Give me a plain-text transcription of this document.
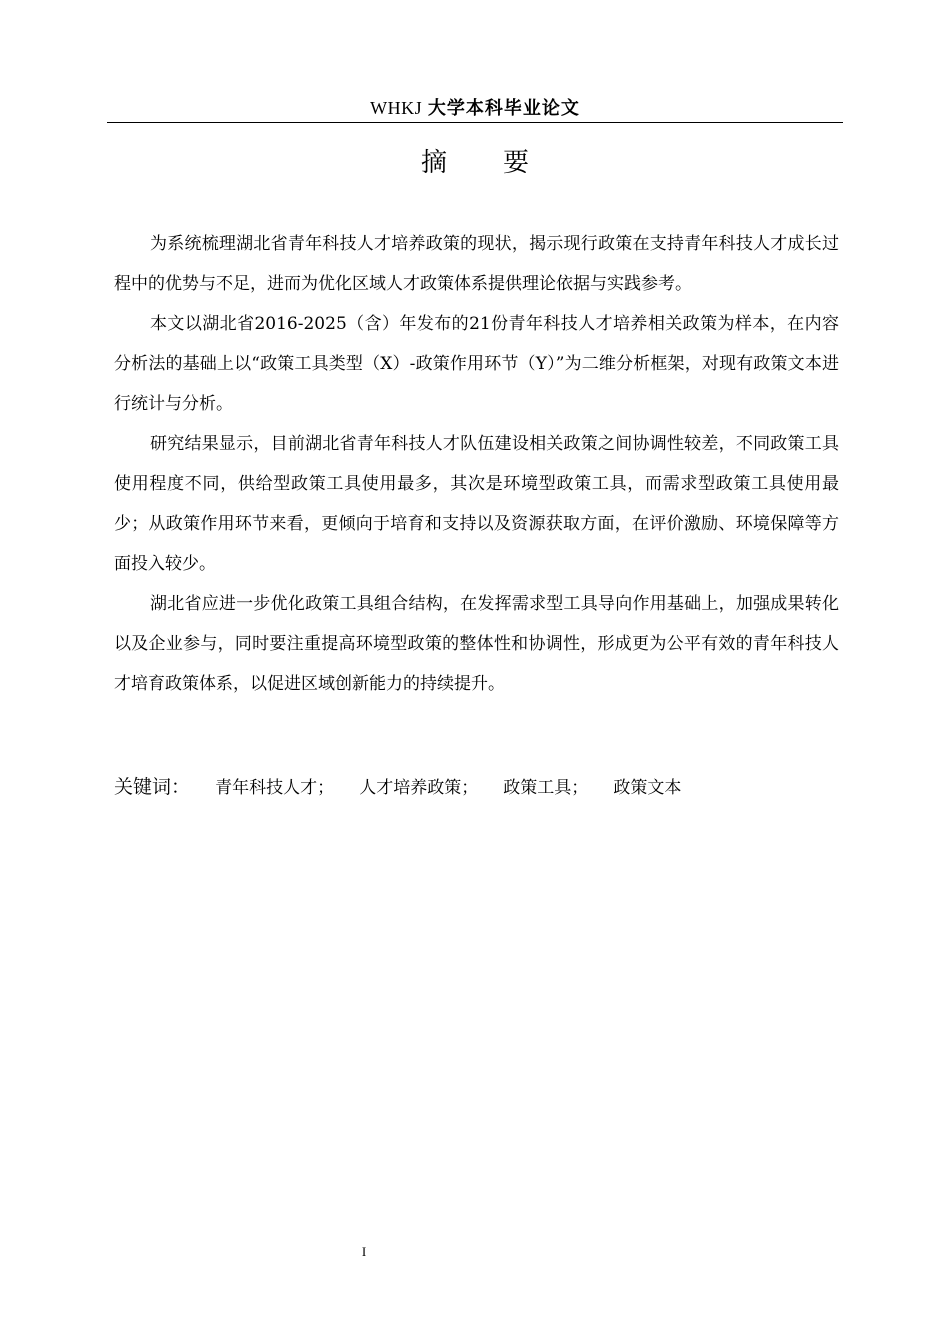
WHKJ 大学本科毕业论文
摘要

为系统梳理湖北省青年科技人才培养政策的现状，揭示现行政策在支持青年科技人才成长过程中的优势与不足，进而为优化区域人才政策体系提供理论依据与实践参考。

本文以湖北省2016-2025（含）年发布的21份青年科技人才培养相关政策为样本，在内容分析法的基础上以“政策工具类型（X）-政策作用环节（Y）”为二维分析框架，对现有政策文本进行统计与分析。

研究结果显示，目前湖北省青年科技人才队伍建设相关政策之间协调性较差，不同政策工具使用程度不同，供给型政策工具使用最多，其次是环境型政策工具，而需求型政策工具使用最少；从政策作用环节来看，更倾向于培育和支持以及资源获取方面，在评价激励、环境保障等方面投入较少。

湖北省应进一步优化政策工具组合结构，在发挥需求型工具导向作用基础上，加强成果转化以及企业参与，同时要注重提高环境型政策的整体性和协调性，形成更为公平有效的青年科技人才培育政策体系，以促进区域创新能力的持续提升。

关键词： 青年科技人才； 人才培养政策； 政策工具； 政策文本
I
